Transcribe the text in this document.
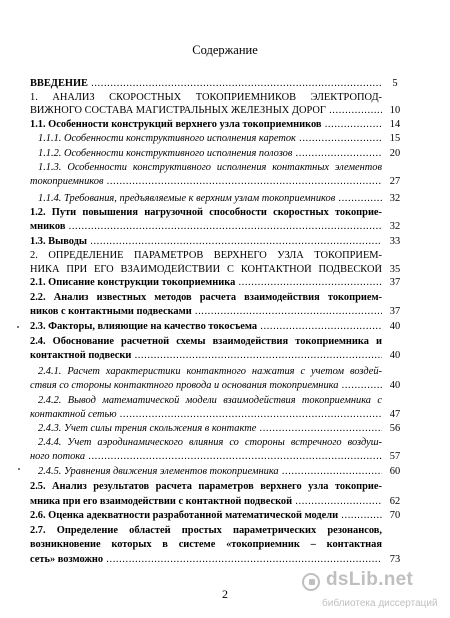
Содержание
ВВЕДЕНИЕ .....	5
1. АНАЛИЗ СКОРОСТНЫХ ТОКОПРИЕМНИКОВ ЭЛЕКТРОПОД-
ВИЖНОГО СОСТАВА МАГИСТРАЛЬНЫХ ЖЕЛЕЗНЫХ ДОРОГ .....	10
1.1. Особенности конструкций верхнего узла токоприемников .....	14
1.1.1. Особенности конструктивного исполнения кареток .....	15
1.1.2. Особенности конструктивного исполнения полозов .....	20
1.1.3. Особенности конструктивного исполнения контактных элементов
токоприемников .....	27
1.1.4. Требования, предъявляемые к верхним узлам токоприемников .....	32
1.2. Пути повышения нагрузочной способности скоростных токоприе-
мников .....	32
1.3. Выводы .....	33
2. ОПРЕДЕЛЕНИЕ ПАРАМЕТРОВ ВЕРХНЕГО УЗЛА ТОКОПРИЕМ-
НИКА ПРИ ЕГО ВЗАИМОДЕЙСТВИИ С КОНТАКТНОЙ ПОДВЕСКОЙ 35
2.1. Описание конструкции токоприемника .....	37
2.2. Анализ известных методов расчета взаимодействия токоприем-
ников с контактными подвесками .....	37
2.3. Факторы, влияющие на качество токосъема .....	40
2.4. Обоснование расчетной схемы взаимодействия токоприемника и
контактной подвески .....	40
2.4.1. Расчет характеристики контактного нажатия с учетом воздей-
ствия со стороны контактного провода и основания токоприемника .....	40
2.4.2. Вывод математической модели взаимодействия токоприемника с
контактной сетью .....	47
2.4.3. Учет силы трения скольжения в контакте .....	56
2.4.4. Учет аэродинамического влияния со стороны встречного воздуш-
ного потока .....	57
2.4.5. Уравнения движения элементов токоприемника .....	60
2.5. Анализ результатов расчета параметров верхнего узла токоприе-
мника при его взаимодействии с контактной подвеской .....	62
2.6. Оценка адекватности разработанной математической модели .....	70
2.7. Определение областей простых параметрических резонансов,
возникновение которых в системе «токоприемник – контактная
сеть» возможно .....	73
2
dsLib.net
библиотека диссертаций
